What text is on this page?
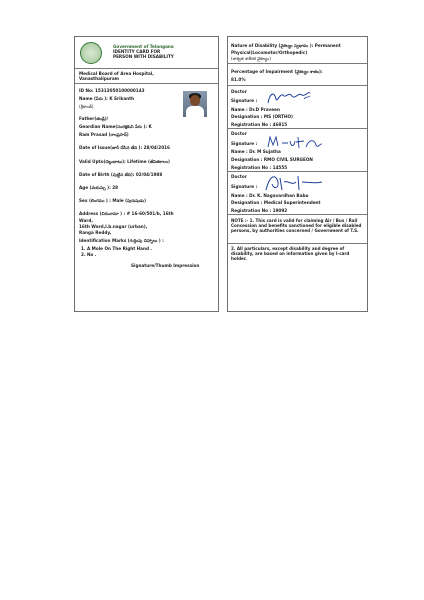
Government of Telangana
IDENTITY CARD FOR
PERSON WITH DISABILITY
Medical Board of Area Hospital,
Vanasthalipuram
ID No: 15313050100000143
Name (పేరు ): K Srikanth
(శ్రీకాంత్)
Father(తండ్రి)/
Geardian Name(సంరక్షకుని పేరు ): K
Ram Prasad (రాంప్రసాద్)
Date of Issue(జారీ చేసిన తేది ): 28/04/2016
Valid Upto(చెల్లుబాటు): Lifetime (జీవితకాలం)
Date of Birth (పుట్టిన తేది): 02/04/1988
Age (వయస్సు ): 28
Sex (లింగము ) : Male (పురుషుడు)
Address (చిరునామా ) : # 16-60/501/b, 16th
Ward,
16th Ward,l.b.nagar (urban),
Ranga Reddy,
Identification Marks (గుర్తింపు చిహ్నాలు ) :
1. A Mole On The Right Hand .
2. No .
Signature/Thumb Impression
Nature of Disability (వైకల్యం స్వభావం ): Permanent
Physical(Locomotor/Orthopedic)
(శాశ్వత శారీరక వైకల్యం)
Percentage of Impairment (వైకల్యం శాతం):
81.0%
Doctor
Signature :
Name : Dr.D Praveen
Designation : MS (ORTHO)
Registration No : 46815
Doctor
Signature :
Name : Dr. M Sujatha
Designation : RMO CIVIL SURGEON
Registration No : 14555
Doctor
Signature :
Name : Dr. K. Nagavardhan Babu
Designation : Medical Superintendent
Registration No : 19092
NOTE :- 1. This card is valid for claiming Air / Bus / Rail Concession and benefits sanctioned for eligible disabled persons, by authorities concerned / Government of T.S.
2. All particulars, except disability and degree of disability, are based on information given by I-card holder.
